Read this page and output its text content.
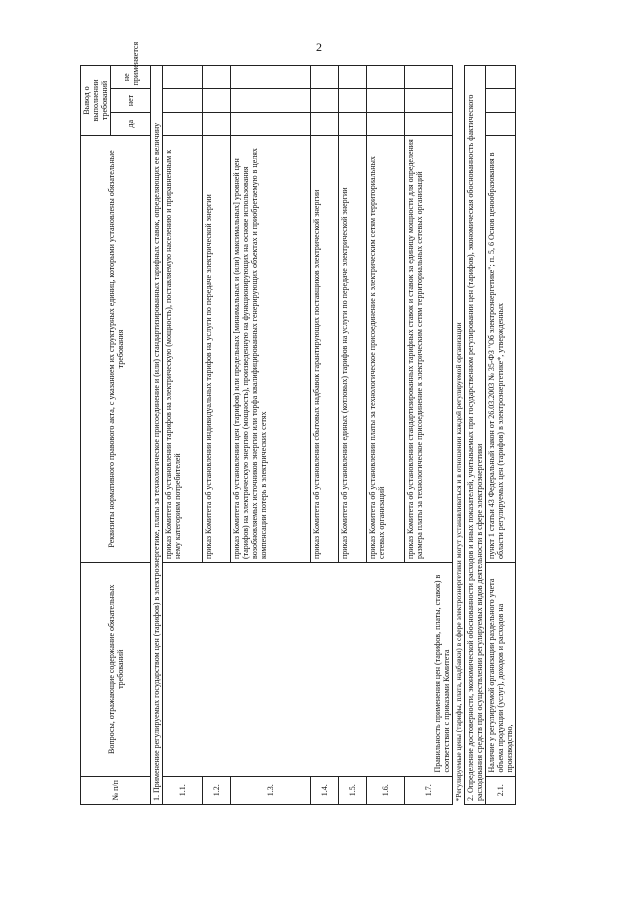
2
№ п/п	Вопросы, отражающие содержание обязательных требований	Реквизиты нормативного правового акта, с указанием их структурных единиц, которыми установлены обязательные требования	Вывод о выполнении требований		
			да	нет	не применяется
1. Применение регулируемых государством цен (тарифов) в электроэнергетике, платы за технологическое присоединение и (или) стандартизированных тарифных ставок, определяющих ее величину					
1.1.	Правильность применения цен (тарифов, платы, ставок) в соответствии с приказами Комитета	приказ Комитета об установлении тарифов на электрическую (мощность), поставляемую населению и приравненным к нему категориям потребителей			
1.2.		приказ Комитета об установлении индивидуальных тарифов на услуги по передаче электрической энергии			
1.3.		приказ Комитета об установлении цен (тарифов) или предельных [минимальных и (или) максимальных] уровней цен (тарифов) на электрическую энергию (мощность), произведенную на функционирующих на основе использования возобновляемых источников энергии или торфа квалифицированных генерирующих объектах и приобретаемую в целях компенсации потерь в электрических сетях			
1.4.		приказ Комитета об установлении сбытовых надбавок гарантирующих поставщиков электрической энергии			
1.5.		приказ Комитета об установлении единых (котловых) тарифов на услуги по передаче электрической энергии			
1.6.		приказ Комитета об установлении платы за технологическое присоединение к электрическим сетям территориальных сетевых организаций			
1.7.		приказ Комитета об установлении стандартизированных тарифных ставок и ставок за единицу мощности для определения размера платы за технологическое присоединение к электрическим сетям территориальных сетевых организаций			
*Регулируемые цены (тарифы, плата, надбавки) в сфере электроэнергетики могут устанавливаться и в отношении каждой регулируемой организации					
2. Определение достоверности, экономической обоснованности расходов и иных показателей, учитываемых при государственном регулировании цен (тарифов), экономическая обоснованность фактического расходования средств при осуществлении регулируемых видов деятельности в сфере электроэнергетики					
2.1.	Наличие у регулируемой организации раздельного учета объема продукции (услуг), доходов и расходов на производство,	пункт 1 статьи 43 Федеральный закон от 26.03.2003 № 35-ФЗ "Об электроэнергетике"; п. 5, 6 Основ ценообразования в области регулируемых цен (тарифов) в электроэнергетике*, утвержденных			
